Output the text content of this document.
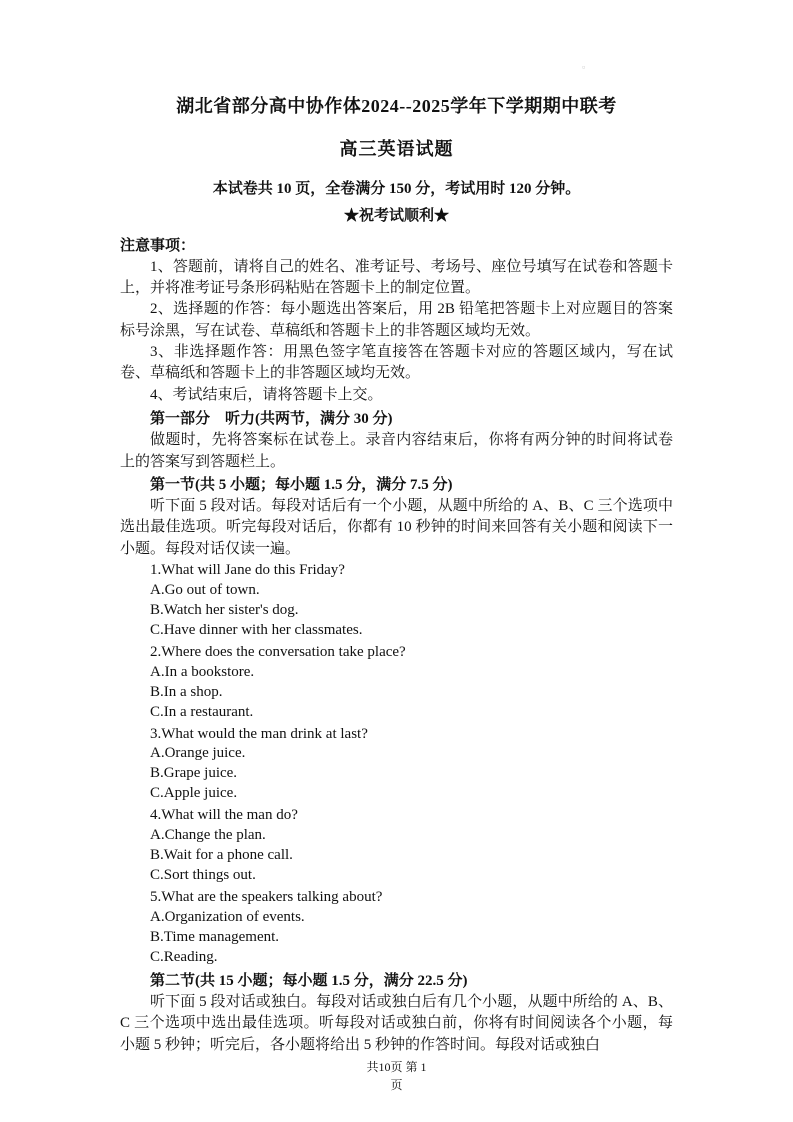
▫
湖北省部分高中协作体2024--2025学年下学期期中联考
高三英语试题

本试卷共 10 页，全卷满分 150 分，考试用时 120 分钟。

★祝考试顺利★

注意事项：

1、答题前，请将自己的姓名、准考证号、考场号、座位号填写在试卷和答题卡上，并将准考证号条形码粘贴在答题卡上的制定位置。

2、选择题的作答：每小题选出答案后，用 2B 铅笔把答题卡上对应题目的答案标号涂黑，写在试卷、草稿纸和答题卡上的非答题区域均无效。

3、非选择题作答：用黑色签字笔直接答在答题卡对应的答题区域内，写在试卷、草稿纸和答题卡上的非答题区域均无效。

4、考试结束后，请将答题卡上交。

第一部分　听力(共两节，满分 30 分)

做题时，先将答案标在试卷上。录音内容结束后，你将有两分钟的时间将试卷上的答案写到答题栏上。

第一节(共 5 小题；每小题 1.5 分，满分 7.5 分)

听下面 5 段对话。每段对话后有一个小题，从题中所给的 A、B、C 三个选项中选出最佳选项。听完每段对话后，你都有 10 秒钟的时间来回答有关小题和阅读下一小题。每段对话仅读一遍。

1.What will Jane do this Friday?

A.Go out of town.

B.Watch her sister's dog.

C.Have dinner with her classmates.

2.Where does the conversation take place?

A.In a bookstore.

B.In a shop.

C.In a restaurant.

3.What would the man drink at last?

A.Orange juice.

B.Grape juice.

C.Apple juice.

4.What will the man do?

A.Change the plan.

B.Wait for a phone call.

C.Sort things out.

5.What are the speakers talking about?

A.Organization of events.

B.Time management.

C.Reading.

第二节(共 15 小题；每小题 1.5 分，满分 22.5 分)

听下面 5 段对话或独白。每段对话或独白后有几个小题，从题中所给的 A、B、C 三个选项中选出最佳选项。听每段对话或独白前，你将有时间阅读各个小题，每小题 5 秒钟；听完后，各小题将给出 5 秒钟的作答时间。每段对话或独白

共10页 第 1
页
